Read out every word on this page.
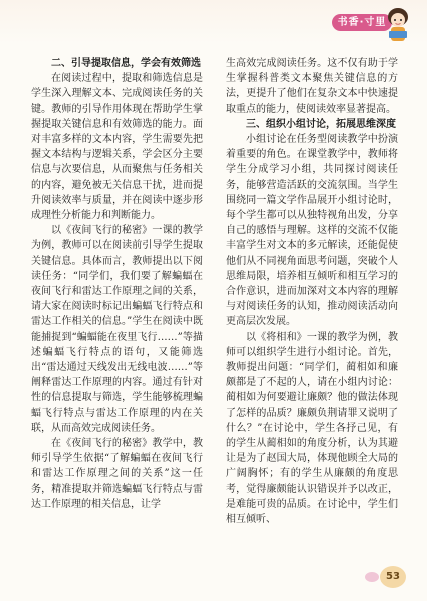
书香·寸里
二、引导提取信息，学会有效筛选

在阅读过程中，提取和筛选信息是学生深入理解文本、完成阅读任务的关键。教师的引导作用体现在帮助学生掌握提取关键信息和有效筛选的能力。面对丰富多样的文本内容，学生需要先把握文本结构与逻辑关系，学会区分主要信息与次要信息，从而聚焦与任务相关的内容，避免被无关信息干扰，进而提升阅读效率与质量，并在阅读中逐步形成理性分析能力和判断能力。

以《夜间飞行的秘密》一课的教学为例，教师可以在阅读前引导学生提取关键信息。具体而言，教师提出以下阅读任务：“同学们，我们要了解蝙蝠在夜间飞行和雷达工作原理之间的关系，请大家在阅读时标记出蝙蝠飞行特点和雷达工作相关的信息。”学生在阅读中既能捕捉到“蝙蝠能在夜里飞行……”等描述蝙蝠飞行特点的语句，又能筛选出“雷达通过天线发出无线电波……”等阐释雷达工作原理的内容。通过有针对性的信息提取与筛选，学生能够梳理蝙蝠飞行特点与雷达工作原理的内在关联，从而高效完成阅读任务。

在《夜间飞行的秘密》教学中，教师引导学生依据“了解蝙蝠在夜间飞行和雷达工作原理之间的关系”这一任务，精准提取并筛选蝙蝠飞行特点与雷达工作原理的相关信息，让学

生高效完成阅读任务。这不仅有助于学生掌握科普类文本聚焦关键信息的方法，更提升了他们在复杂文本中快速提取重点的能力，使阅读效率显著提高。

三、组织小组讨论，拓展思维深度

小组讨论在任务型阅读教学中扮演着重要的角色。在课堂教学中，教师将学生分成学习小组，共同探讨阅读任务，能够营造活跃的交流氛围。当学生围绕同一篇文学作品展开小组讨论时，每个学生都可以从独特视角出发，分享自己的感悟与理解。这样的交流不仅能丰富学生对文本的多元解读，还能促使他们从不同视角面思考问题，突破个人思维局限，培养相互倾听和相互学习的合作意识，进而加深对文本内容的理解与对阅读任务的认知，推动阅读活动向更高层次发展。

以《将相和》一课的教学为例，教师可以组织学生进行小组讨论。首先，教师提出问题：“同学们，蔺相如和廉颇都是了不起的人，请在小组内讨论：蔺相如为何要避让廉颇？他的做法体现了怎样的品质？廉颇负荆请罪又说明了什么？”在讨论中，学生各抒己见，有的学生从蔺相如的角度分析，认为其避让是为了赵国大局，体现他顾全大局的广阔胸怀；有的学生从廉颇的角度思考，觉得廉颇能认识错误并予以改正，是难能可贵的品质。在讨论中，学生们相互倾听、

53
